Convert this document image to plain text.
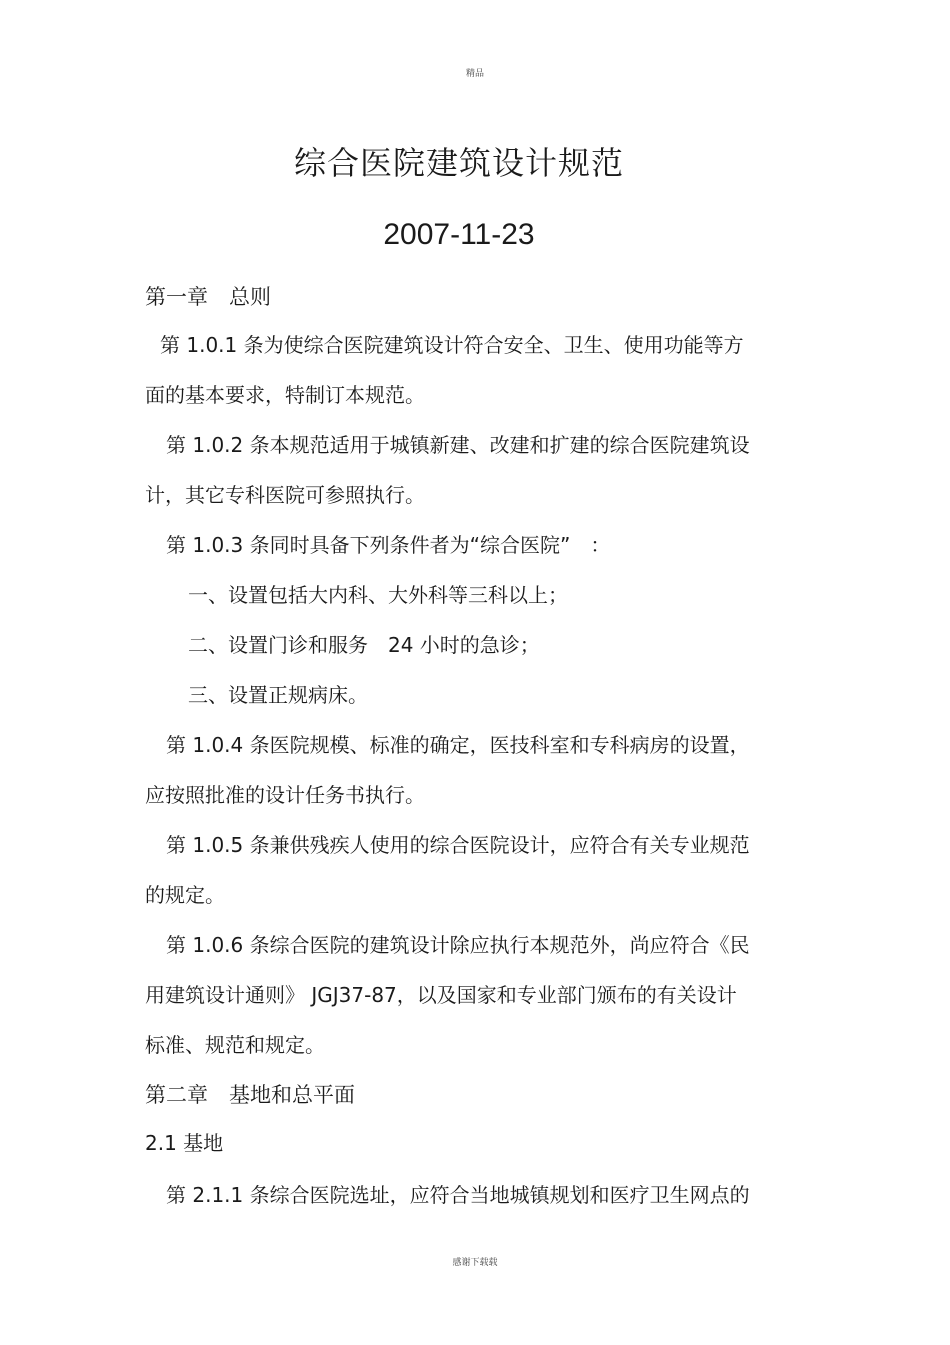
精品
综合医院建筑设计规范
2007-11-23
第一章　总则
第 1.0.1 条为使综合医院建筑设计符合安全、卫生、使用功能等方
面的基本要求，特制订本规范。
第 1.0.2 条本规范适用于城镇新建、改建和扩建的综合医院建筑设
计，其它专科医院可参照执行。
第 1.0.3 条同时具备下列条件者为“综合医院”　：
一、设置包括大内科、大外科等三科以上；
二、设置门诊和服务　24 小时的急诊；
三、设置正规病床。
第 1.0.4 条医院规模、标准的确定，医技科室和专科病房的设置，
应按照批准的设计任务书执行。
第 1.0.5 条兼供残疾人使用的综合医院设计，应符合有关专业规范
的规定。
第 1.0.6 条综合医院的建筑设计除应执行本规范外，尚应符合《民
用建筑设计通则》 JGJ37-87，以及国家和专业部门颁布的有关设计
标准、规范和规定。
第二章　基地和总平面
2.1 基地
第 2.1.1 条综合医院选址，应符合当地城镇规划和医疗卫生网点的
感谢下载载
